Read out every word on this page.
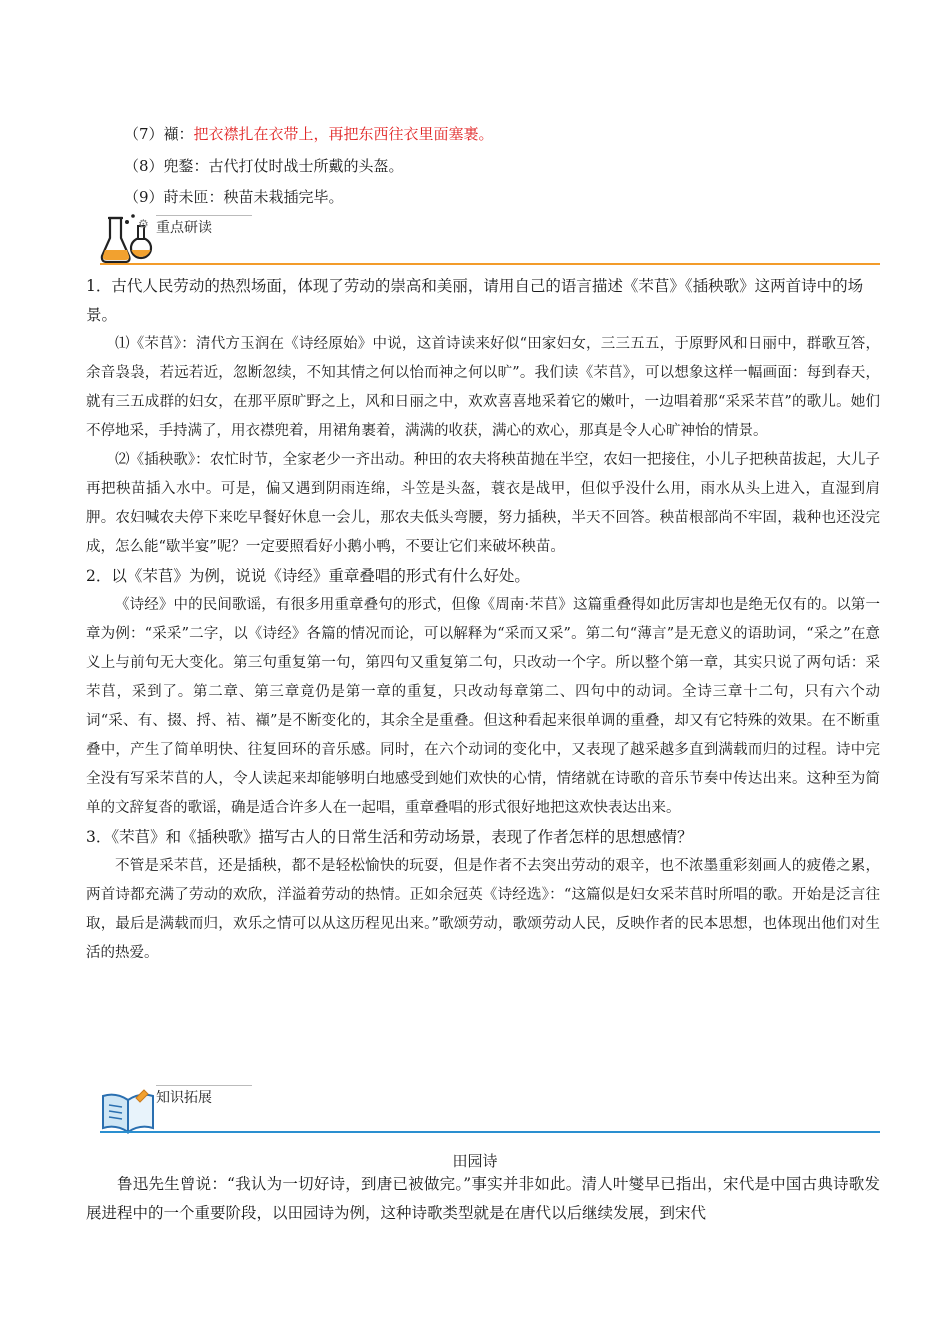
（7）襭：把衣襟扎在衣带上，再把东西往衣里面塞裹。
（8）兜鍪：古代打仗时战士所戴的头盔。
（9）莳未匝：秧苗未栽插完毕。
⚙ 重点研读

1．古代人民劳动的热烈场面，体现了劳动的崇高和美丽，请用自己的语言描述《芣苢》《插秧歌》这两首诗中的场景。

⑴《芣苢》：清代方玉润在《诗经原始》中说，这首诗读来好似“田家妇女，三三五五，于原野风和日丽中，群歌互答，余音袅袅，若远若近，忽断忽续，不知其情之何以怡而神之何以旷”。我们读《芣苢》，可以想象这样一幅画面：每到春天，就有三五成群的妇女，在那平原旷野之上，风和日丽之中，欢欢喜喜地采着它的嫩叶，一边唱着那“采采芣苢”的歌儿。她们不停地采，手持满了，用衣襟兜着，用裙角裹着，满满的收获，满心的欢心，那真是令人心旷神怡的情景。

⑵《插秧歌》：农忙时节，全家老少一齐出动。种田的农夫将秧苗抛在半空，农妇一把接住，小儿子把秧苗拔起，大儿子再把秧苗插入水中。可是，偏又遇到阴雨连绵，斗笠是头盔，蓑衣是战甲，但似乎没什么用，雨水从头上进入，直湿到肩胛。农妇喊农夫停下来吃早餐好休息一会儿，那农夫低头弯腰，努力插秧，半天不回答。秧苗根部尚不牢固，栽种也还没完成，怎么能“歇半宴”呢？一定要照看好小鹅小鸭，不要让它们来破坏秧苗。

2．以《芣苢》为例，说说《诗经》重章叠唱的形式有什么好处。

《诗经》中的民间歌谣，有很多用重章叠句的形式，但像《周南·芣苢》这篇重叠得如此厉害却也是绝无仅有的。以第一章为例：“采采”二字，以《诗经》各篇的情况而论，可以解释为“采而又采”。第二句“薄言”是无意义的语助词，“采之”在意义上与前句无大变化。第三句重复第一句，第四句又重复第二句，只改动一个字。所以整个第一章，其实只说了两句话：采芣苢，采到了。第二章、第三章竟仍是第一章的重复，只改动每章第二、四句中的动词。全诗三章十二句，只有六个动词“采、有、掇、捋、袺、襭”是不断变化的，其余全是重叠。但这种看起来很单调的重叠，却又有它特殊的效果。在不断重叠中，产生了简单明快、往复回环的音乐感。同时，在六个动词的变化中，又表现了越采越多直到满载而归的过程。诗中完全没有写采芣苢的人，令人读起来却能够明白地感受到她们欢快的心情，情绪就在诗歌的音乐节奏中传达出来。这种至为简单的文辞复沓的歌谣，确是适合许多人在一起唱，重章叠唱的形式很好地把这欢快表达出来。

3．《芣苢》和《插秧歌》描写古人的日常生活和劳动场景，表现了作者怎样的思想感情？

不管是采芣苢，还是插秧，都不是轻松愉快的玩耍，但是作者不去突出劳动的艰辛，也不浓墨重彩刻画人的疲倦之累，两首诗都充满了劳动的欢欣，洋溢着劳动的热情。正如余冠英《诗经选》：“这篇似是妇女采芣苢时所唱的歌。开始是泛言往取，最后是满载而归，欢乐之情可以从这历程见出来。”歌颂劳动，歌颂劳动人民，反映作者的民本思想，也体现出他们对生活的热爱。

知识拓展
田园诗

鲁迅先生曾说：“我认为一切好诗，到唐已被做完。”事实并非如此。清人叶燮早已指出，宋代是中国古典诗歌发展进程中的一个重要阶段，以田园诗为例，这种诗歌类型就是在唐代以后继续发展，到宋代
